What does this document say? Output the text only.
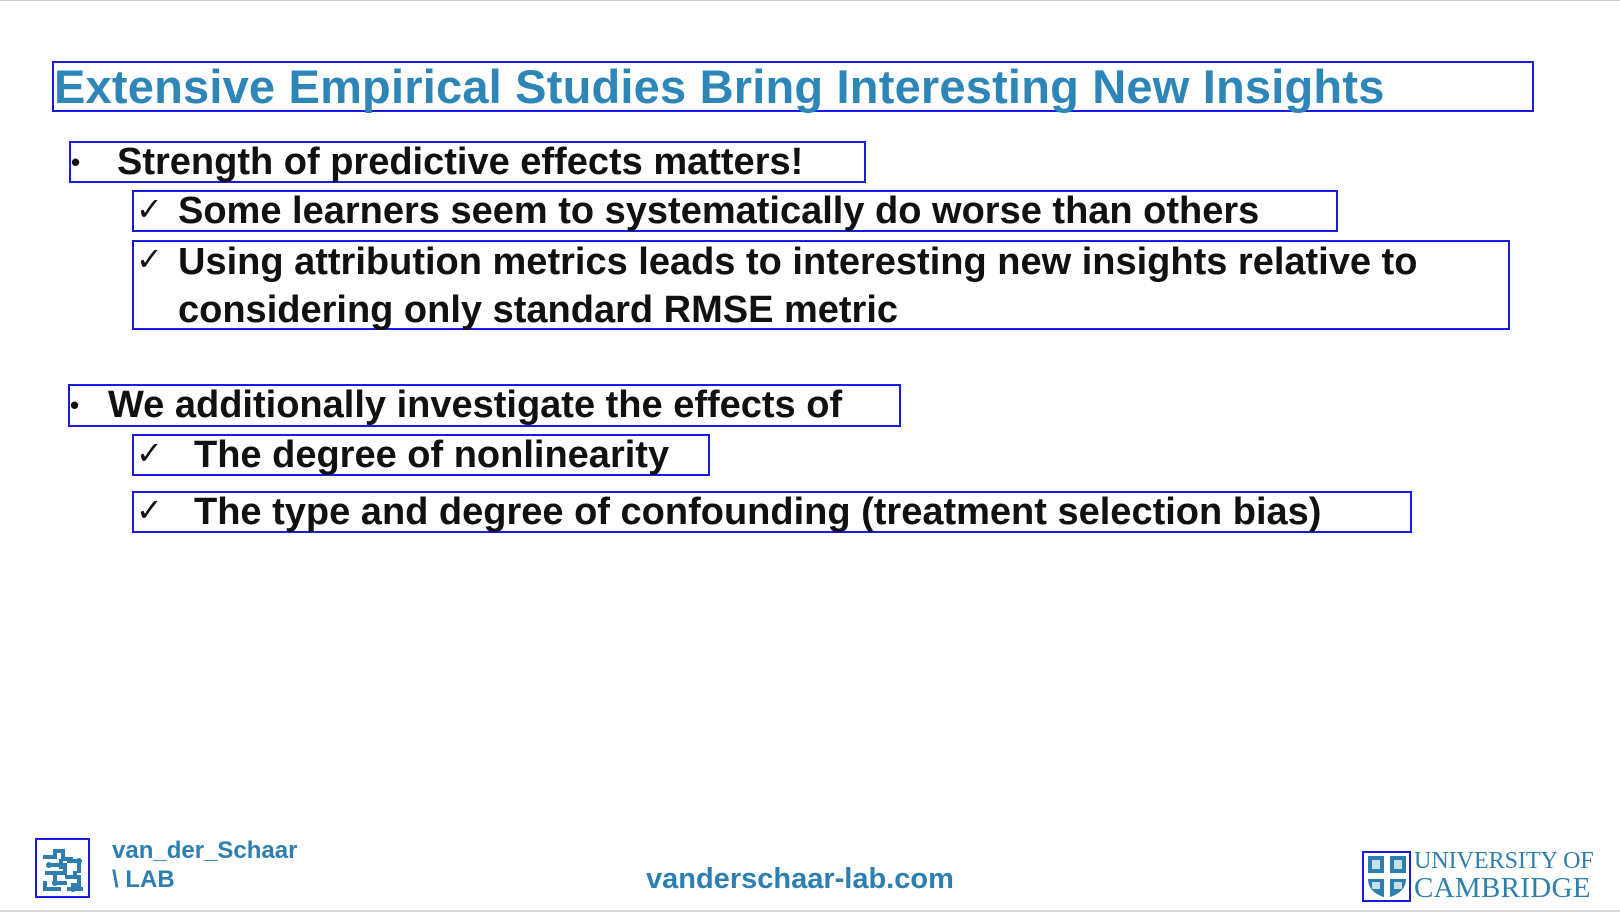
Extensive Empirical Studies Bring Interesting New Insights
• Strength of predictive effects matters!
✓ Some learners seem to systematically do worse than others
✓ Using attribution metrics leads to interesting new insights relative to considering only standard RMSE metric
• We additionally investigate the effects of
✓ The degree of nonlinearity
✓ The type and degree of confounding (treatment selection bias)
van_der_Schaar
\ LAB	vanderschaar-lab.com
UNIVERSITY OF
CAMBRIDGE
